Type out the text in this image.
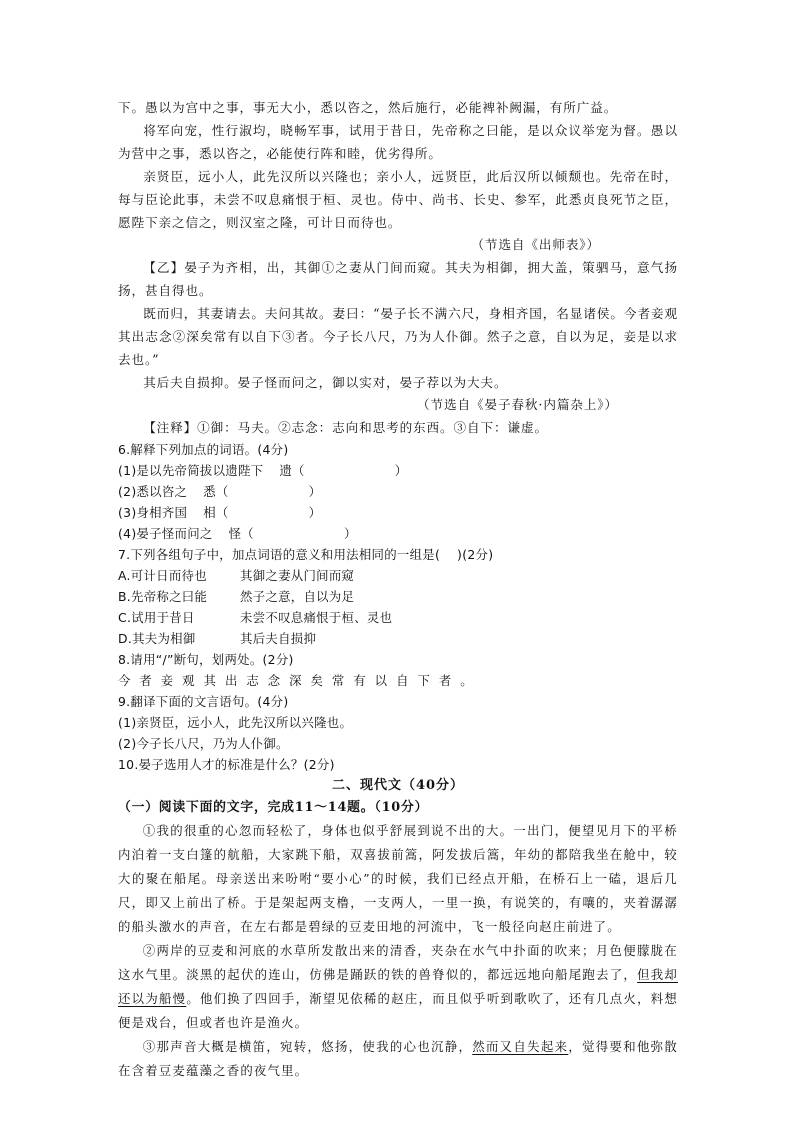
下。愚以为宫中之事，事无大小，悉以咨之，然后施行，必能裨补阙漏，有所广益。

将军向宠，性行淑均，晓畅军事，试用于昔日，先帝称之曰能，是以众议举宠为督。愚以为营中之事，悉以咨之，必能使行阵和睦，优劣得所。

亲贤臣，远小人，此先汉所以兴隆也；亲小人，远贤臣，此后汉所以倾颓也。先帝在时，每与臣论此事，未尝不叹息痛恨于桓、灵也。侍中、尚书、长史、参军，此悉贞良死节之臣，愿陛下亲之信之，则汉室之隆，可计日而待也。

（节选自《出师表》）

【乙】晏子为齐相，出，其御①之妻从门间而窥。其夫为相御，拥大盖，策驷马，意气扬扬，甚自得也。

既而归，其妻请去。夫问其故。妻曰：“晏子长不满六尺，身相齐国，名显诸侯。今者妾观其出志念②深矣常有以自下③者。今子长八尺，乃为人仆御。然子之意，自以为足，妾是以求去也。”

其后夫自损抑。晏子怪而问之，御以实对，晏子荐以为大夫。

（节选自《晏子春秋·内篇杂上》）

【注释】①御：马夫。②志念：志向和思考的东西。③自下：谦虚。

6.解释下列加点的词语。(4分)
(1)是以先帝简拔以遗陛下 遗（	）
(2)悉以咨之 悉（	）
(3)身相齐国 相（	）
(4)晏子怪而问之 怪（	）
7.下列各组句子中，加点词语的意义和用法相同的一组是(　 )(2分)
A.可计日而待也	其御之妻从门间而窥
B.先帝称之曰能	然子之意，自以为足
C.试用于昔日	未尝不叹息痛恨于桓、灵也
D.其夫为相御	其后夫自损抑
8.请用“/”断句，划两处。(2分)
今者妾观其出志念深矣常有以自下者。
9.翻译下面的文言语句。(4分)
(1)亲贤臣，远小人，此先汉所以兴隆也。
(2)今子长八尺，乃为人仆御。
10.晏子选用人才的标准是什么？(2分)
二、现代文（40分）
（一）阅读下面的文字，完成11～14题。（10分）

①我的很重的心忽而轻松了，身体也似乎舒展到说不出的大。一出门，便望见月下的平桥内泊着一支白篷的航船，大家跳下船，双喜拔前篙，阿发拔后篙，年幼的都陪我坐在舱中，较大的聚在船尾。母亲送出来吩咐“要小心”的时候，我们已经点开船，在桥石上一磕，退后几尺，即又上前出了桥。于是架起两支橹，一支两人，一里一换，有说笑的，有嚷的，夹着潺潺的船头激水的声音，在左右都是碧绿的豆麦田地的河流中，飞一般径向赵庄前进了。

②两岸的豆麦和河底的水草所发散出来的清香，夹杂在水气中扑面的吹来；月色便朦胧在这水气里。淡黑的起伏的连山，仿佛是踊跃的铁的兽脊似的，都远远地向船尾跑去了，但我却还以为船慢。他们换了四回手，渐望见依稀的赵庄，而且似乎听到歌吹了，还有几点火，料想便是戏台，但或者也许是渔火。

③那声音大概是横笛，宛转，悠扬，使我的心也沉静，然而又自失起来，觉得要和他弥散在含着豆麦蕴藻之香的夜气里。
